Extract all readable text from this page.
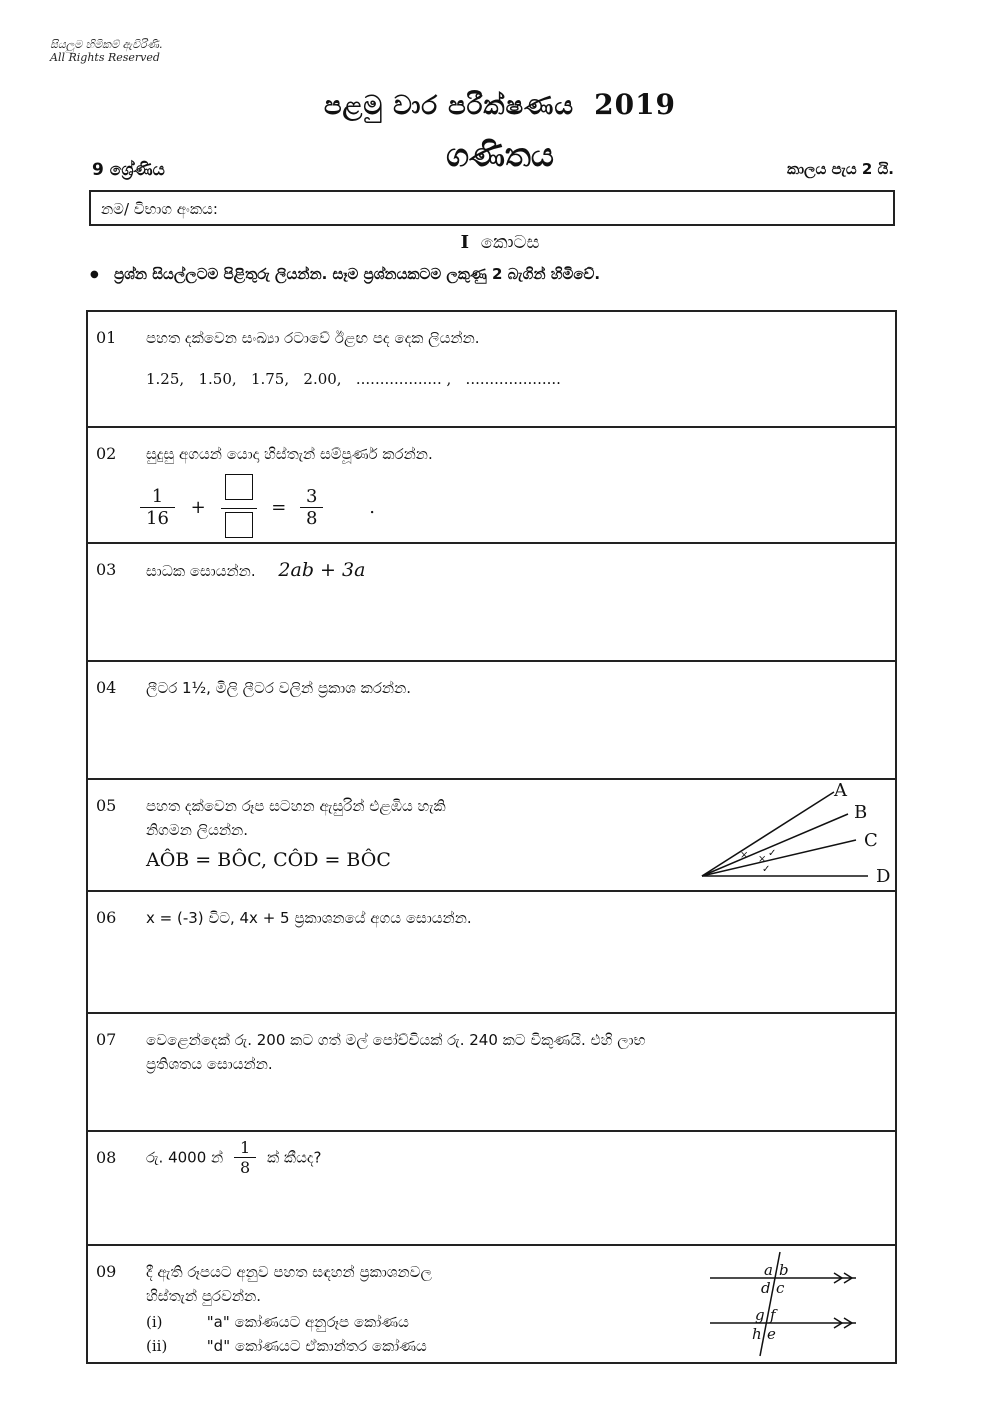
සියලුම හිමිකම් ඇවිරිණි.
All Rights Reserved
පළමු වාර පරීක්ෂණය 2019
ගණිතය
9 ශ්‍රේණිය	කාලය පැය 2 යි.
නම/ විභාග අංකය:
I කොටස
● ප්‍රශ්න සියල්ලටම පිළිතුරු ලියන්න. සෑම ප්‍රශ්නයකටම ලකුණු 2 බැගින් හිමිවේ.
01 පහත දක්වෙන සංඛ්‍යා රටාවේ ඊළඟ පද දෙක ලියන්න.
1.25,   1.50,   1.75,   2.00,   .................. ,   ....................
02 සුදුසු අගයන් යොදා හිස්තැන් සම්පූර්ණ කරන්න.
$\frac{1}{16}$ +	= $\frac{3}{8}$	.
03 සාධක සොයන්න. 2ab + 3a
04 ලීටර 1½, මිලි ලීටර වලින් ප්‍රකාශ කරන්න.
05 පහත දක්වෙන රූප සටහන ඇසුරින් එළඹිය හැකි
නිගමන ලියන්න.
AÔB = BÔC, CÔD = BÔC	× ×
✓
✓
A
B
C
D
06 x = (-3) විට, 4x + 5 ප්‍රකාශනයේ අගය සොයන්න.
07 වෙළෙන්දෙක් රු. 200 කට ගත් මල් පෝච්චියක් රු. 240 කට විකුණයි. එහි ලාභ
ප්‍රතිශතය සොයන්න.
08 රු. 4000 න් $\frac{1}{8}$ ක් කීයද?
09 දී ඇති රූපයට අනුව පහත සඳහන් ප්‍රකාශනවල
හිස්තැන් පුරවන්න.
(i)	"a" කෝණයට අනුරූප කෝණය
(ii)	"d" කෝණයට ඒකාන්තර කෝණය
a b
d c
g f
h e
